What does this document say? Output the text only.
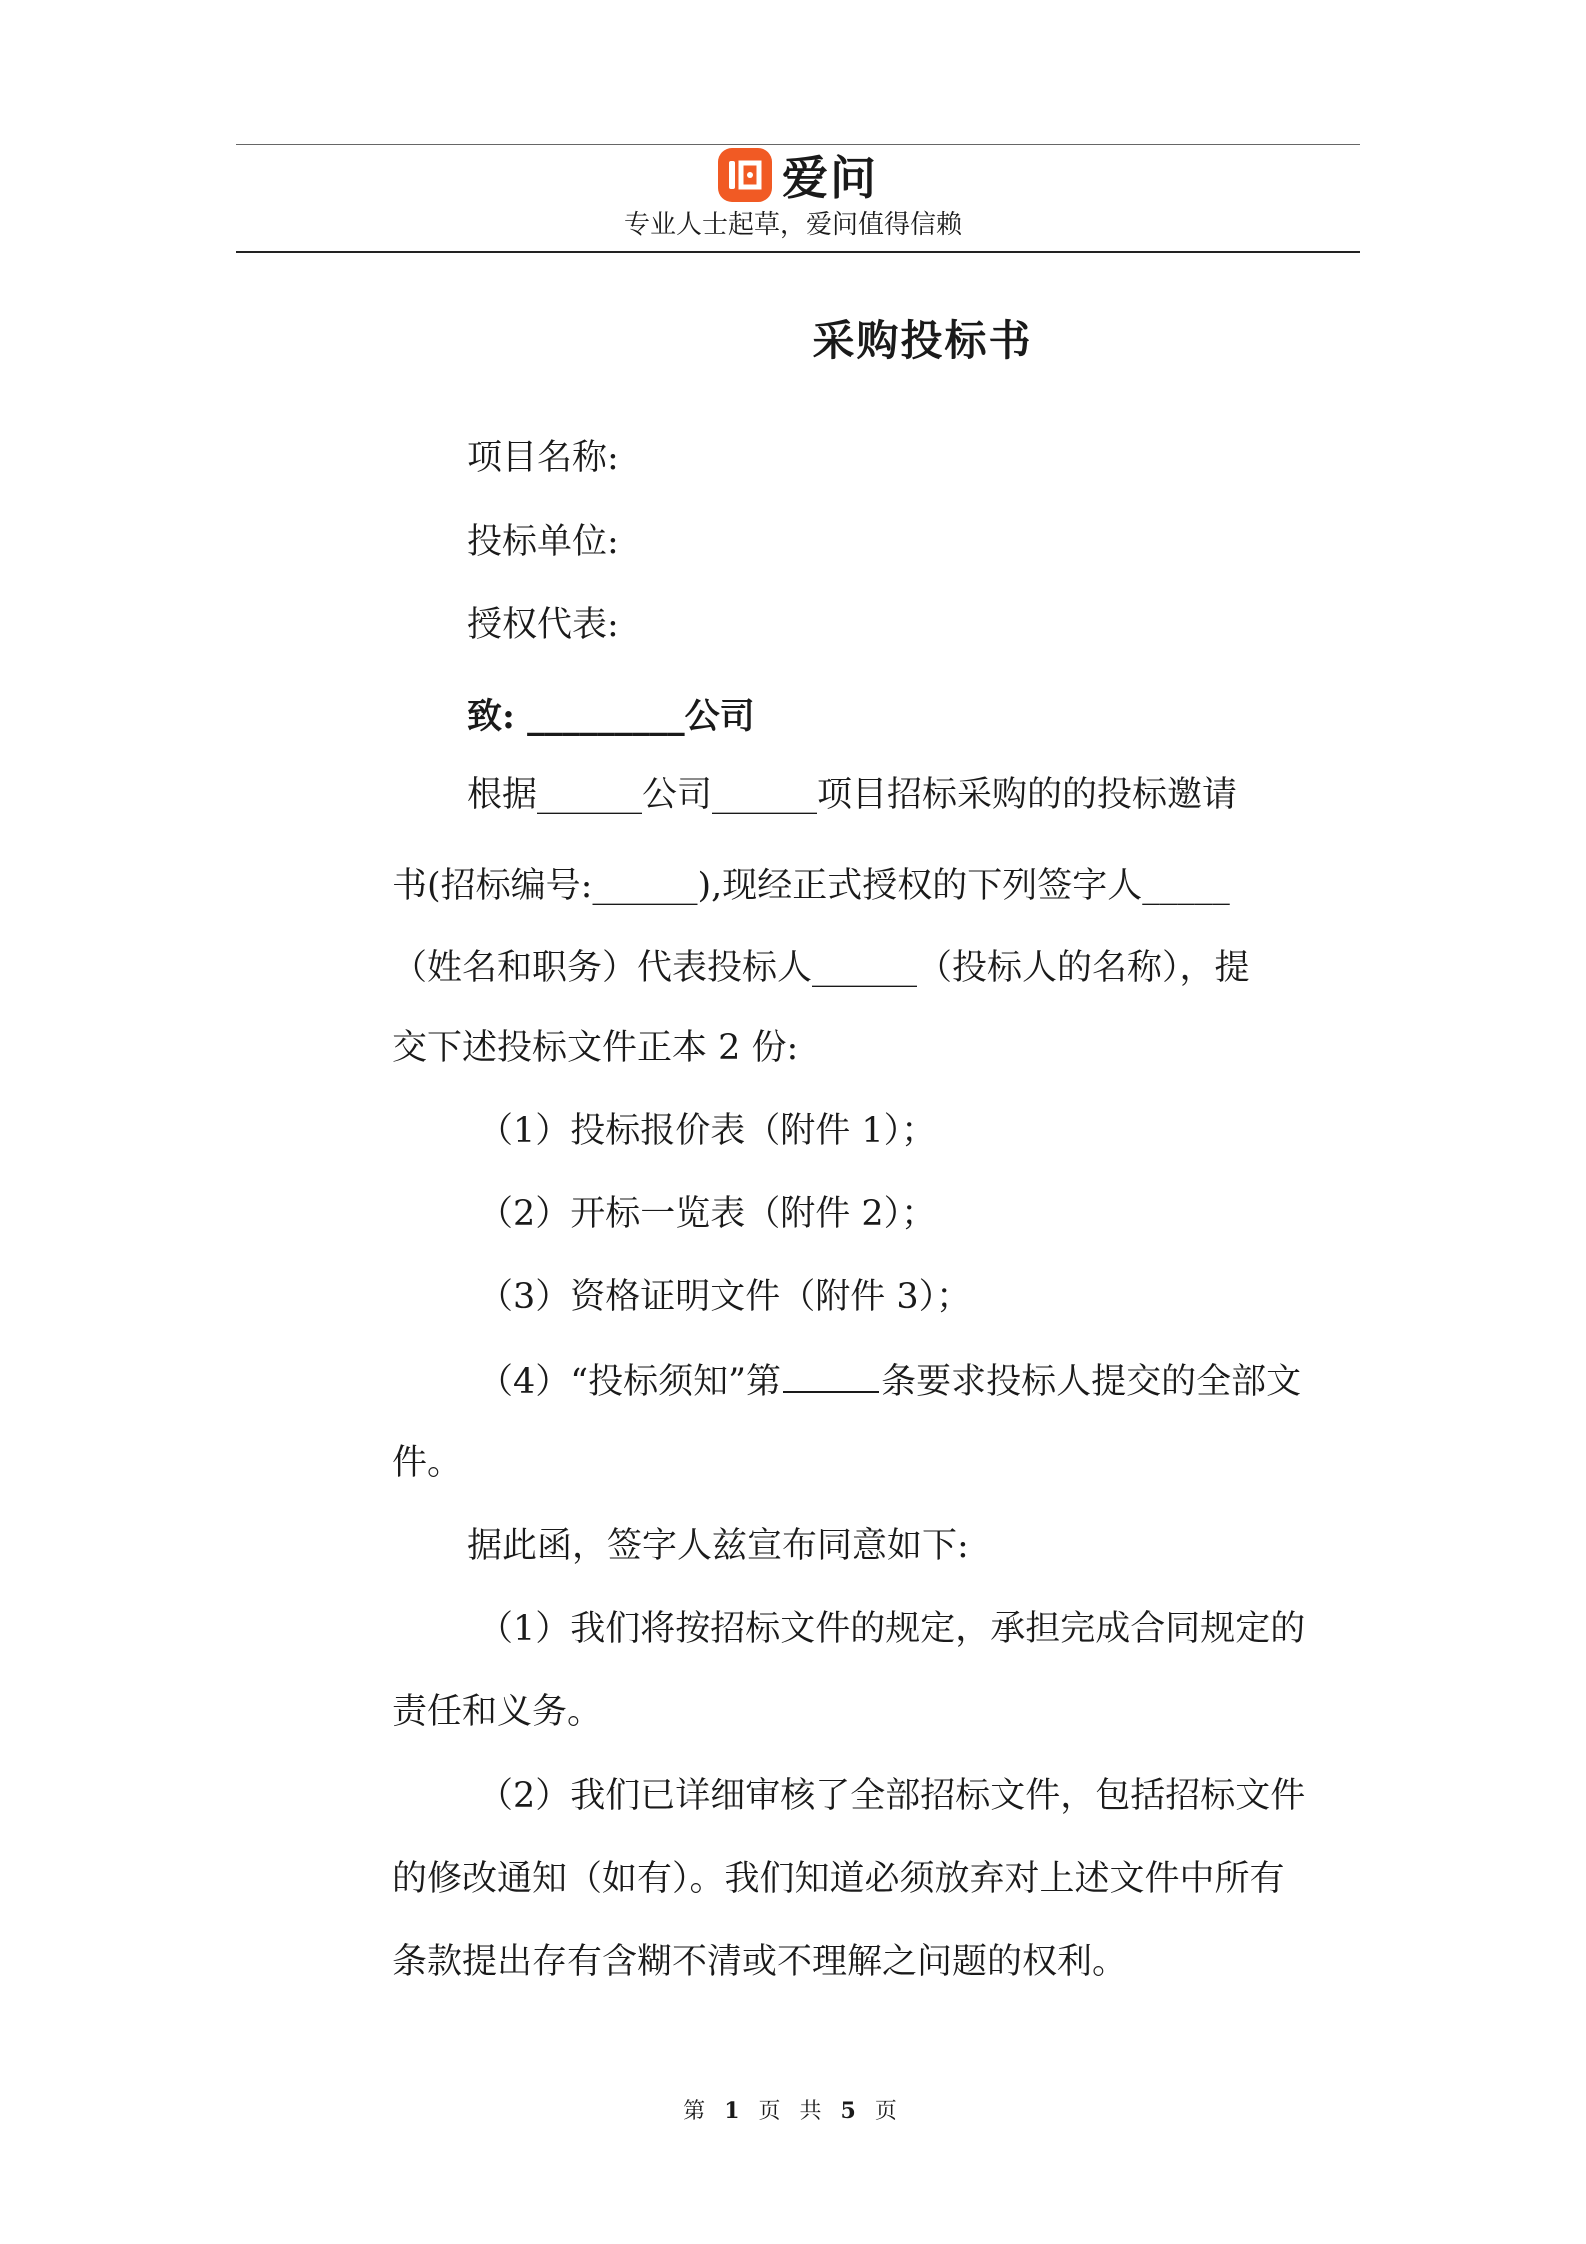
爱问
专业人士起草，爱问值得信赖
采购投标书
项目名称:
投标单位:
授权代表:
致: _________公司
根据______公司______项目招标采购的的投标邀请
书(招标编号:______),现经正式授权的下列签字人_____
（姓名和职务）代表投标人______（投标人的名称），提
交下述投标文件正本 2 份:
（1）投标报价表（附件 1）；
（2）开标一览表（附件 2）；
（3）资格证明文件（附件 3）；
（4）“投标须知”第	条要求投标人提交的全部文
件。
据此函，签字人兹宣布同意如下:
（1）我们将按招标文件的规定，承担完成合同规定的
责任和义务。
（2）我们已详细审核了全部招标文件，包括招标文件
的修改通知（如有）。我们知道必须放弃对上述文件中所有
条款提出存有含糊不清或不理解之问题的权利。
第 1 页 共 5 页
